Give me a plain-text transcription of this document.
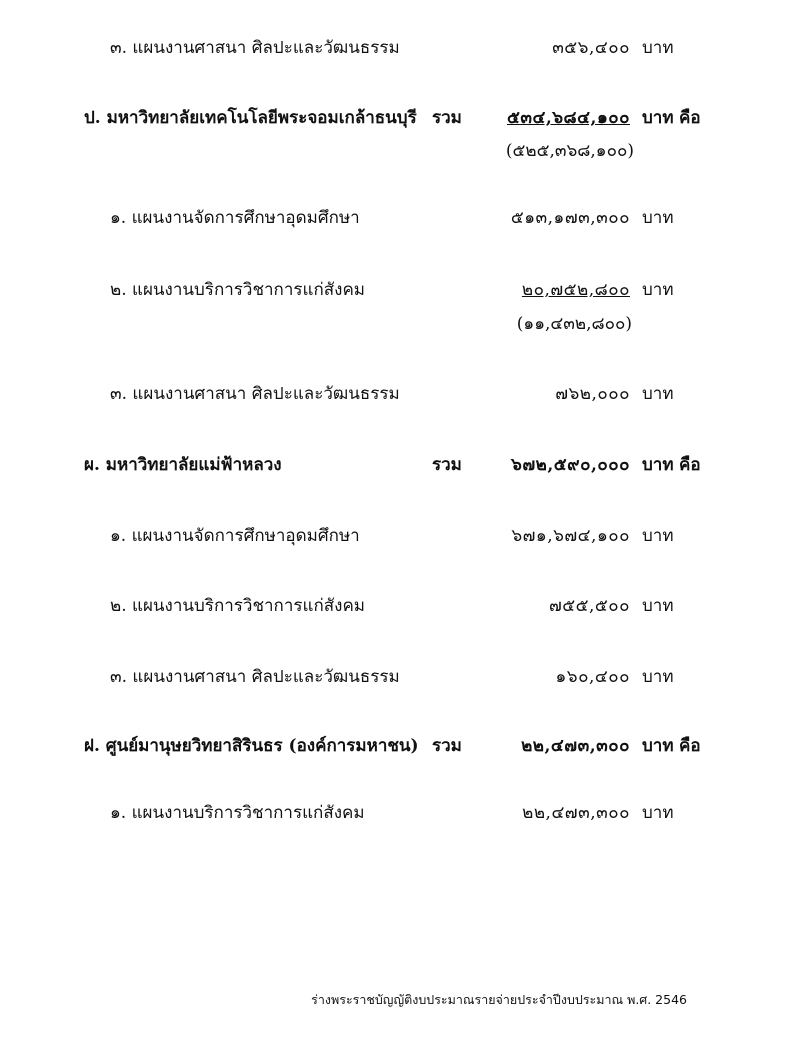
๓. แผนงานศาสนา ศิลปะและวัฒนธรรม	๓๕๖,๔๐๐ บาท
ป. มหาวิทยาลัยเทคโนโลยีพระจอมเกล้าธนบุรี รวม	๕๓๔,๖๘๔,๑๐๐ บาท คือ
(๕๒๕,๓๖๘,๑๐๐)
๑. แผนงานจัดการศึกษาอุดมศึกษา	๕๑๓,๑๗๓,๓๐๐ บาท
๒. แผนงานบริการวิชาการแก่สังคม	๒๐,๗๕๒,๘๐๐ บาท
(๑๑,๔๓๒,๘๐๐)
๓. แผนงานศาสนา ศิลปะและวัฒนธรรม	๗๖๒,๐๐๐ บาท
ผ. มหาวิทยาลัยแม่ฟ้าหลวง	รวม	๖๗๒,๕๙๐,๐๐๐ บาท คือ
๑. แผนงานจัดการศึกษาอุดมศึกษา	๖๗๑,๖๗๔,๑๐๐ บาท
๒. แผนงานบริการวิชาการแก่สังคม	๗๕๕,๕๐๐ บาท
๓. แผนงานศาสนา ศิลปะและวัฒนธรรม	๑๖๐,๔๐๐ บาท
ฝ. ศูนย์มานุษยวิทยาสิรินธร (องค์การมหาชน) รวม	๒๒,๔๗๓,๓๐๐ บาท คือ
๑. แผนงานบริการวิชาการแก่สังคม	๒๒,๔๗๓,๓๐๐ บาท
ร่างพระราชบัญญัติงบประมาณรายจ่ายประจำปีงบประมาณ พ.ศ. 2546
